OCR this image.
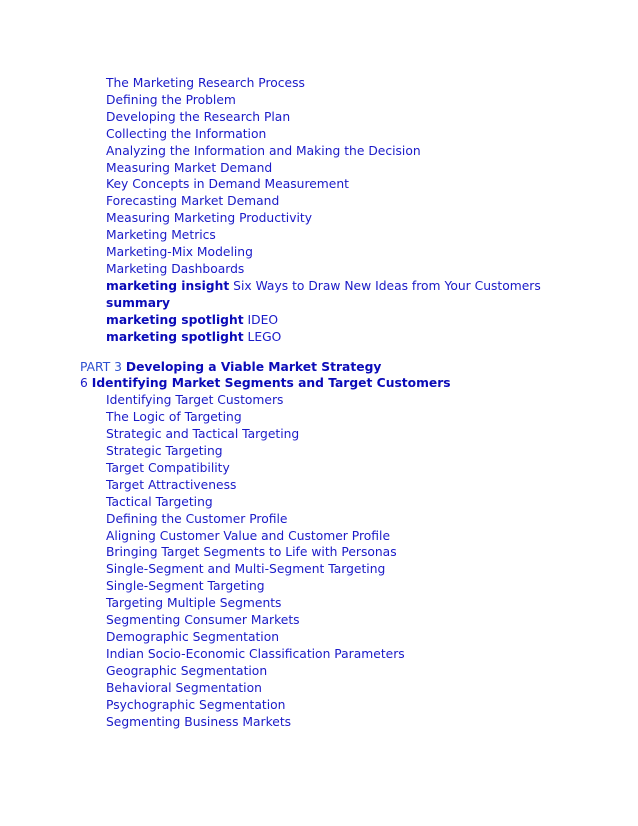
The Marketing Research Process
Defining the Problem
Developing the Research Plan
Collecting the Information
Analyzing the Information and Making the Decision
Measuring Market Demand
Key Concepts in Demand Measurement
Forecasting Market Demand
Measuring Marketing Productivity
Marketing Metrics
Marketing-Mix Modeling
Marketing Dashboards
marketing insight Six Ways to Draw New Ideas from Your Customers
summary
marketing spotlight IDEO
marketing spotlight LEGO
PART 3 Developing a Viable Market Strategy
6 Identifying Market Segments and Target Customers
Identifying Target Customers
The Logic of Targeting
Strategic and Tactical Targeting
Strategic Targeting
Target Compatibility
Target Attractiveness
Tactical Targeting
Defining the Customer Profile
Aligning Customer Value and Customer Profile
Bringing Target Segments to Life with Personas
Single-Segment and Multi-Segment Targeting
Single-Segment Targeting
Targeting Multiple Segments
Segmenting Consumer Markets
Demographic Segmentation
Indian Socio-Economic Classification Parameters
Geographic Segmentation
Behavioral Segmentation
Psychographic Segmentation
Segmenting Business Markets
